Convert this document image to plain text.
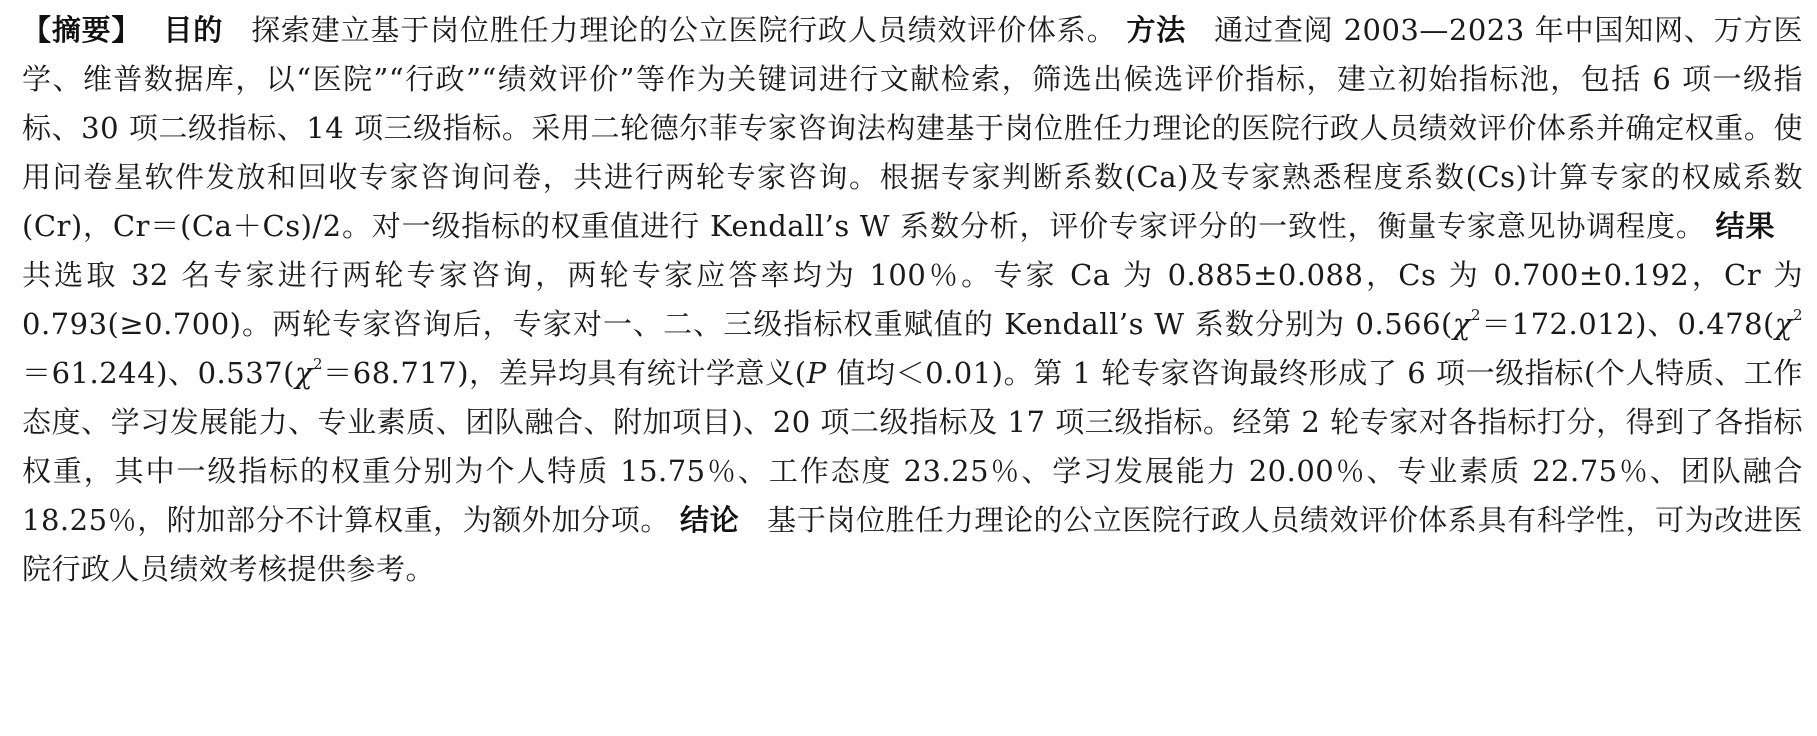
【摘要】 目的 探索建立基于岗位胜任力理论的公立医院行政人员绩效评价体系。 方法 通过查阅 2003—2023 年中国知网、万方医学、维普数据库，以“医院”“行政”“绩效评价”等作为关键词进行文献检索，筛选出候选评价指标，建立初始指标池，包括 6 项一级指标、30 项二级指标、14 项三级指标。采用二轮德尔菲专家咨询法构建基于岗位胜任力理论的医院行政人员绩效评价体系并确定权重。使用问卷星软件发放和回收专家咨询问卷，共进行两轮专家咨询。根据专家判断系数(Ca)及专家熟悉程度系数(Cs)计算专家的权威系数(Cr)，Cr＝(Ca＋Cs)/2。对一级指标的权重值进行 Kendall’s W 系数分析，评价专家评分的一致性，衡量专家意见协调程度。 结果共选取 32 名专家进行两轮专家咨询，两轮专家应答率均为 100％。专家 Ca 为 0.885±0.088，Cs 为 0.700±0.192，Cr 为 0.793(≥0.700)。两轮专家咨询后，专家对一、二、三级指标权重赋值的 Kendall’s W 系数分别为 $0.566(\chi^2=172.012)$、$0.478(\chi^2=61.244)$、$0.537(\chi^2=68.717)$，差异均具有统计学意义(P 值均＜0.01)。第 1 轮专家咨询最终形成了 6 项一级指标(个人特质、工作态度、学习发展能力、专业素质、团队融合、附加项目)、20 项二级指标及 17 项三级指标。经第 2 轮专家对各指标打分，得到了各指标权重，其中一级指标的权重分别为个人特质 15.75％、工作态度 23.25％、学习发展能力 20.00％、专业素质 22.75％、团队融合 18.25％，附加部分不计算权重，为额外加分项。 结论 基于岗位胜任力理论的公立医院行政人员绩效评价体系具有科学性，可为改进医院行政人员绩效考核提供参考。
